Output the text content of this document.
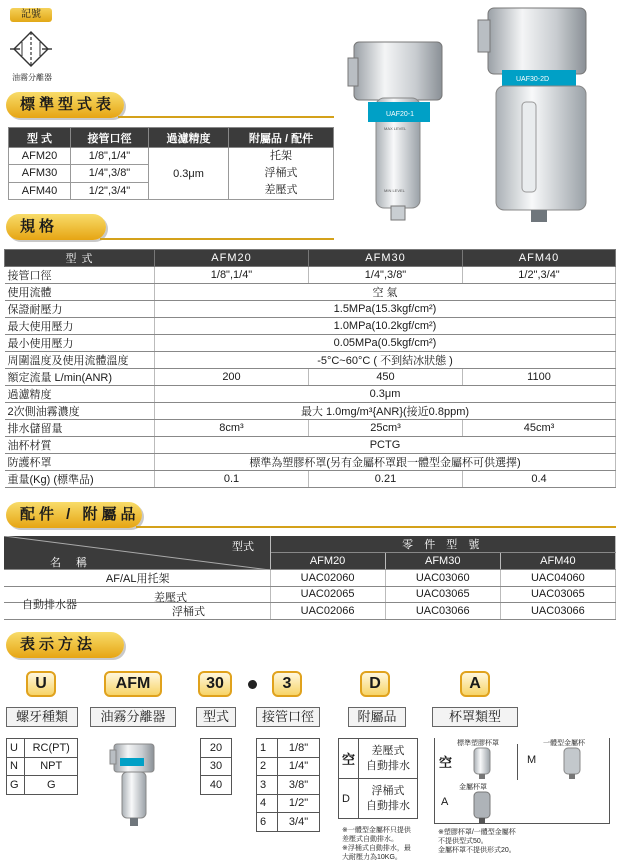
記號
油霧分離器
UAF20-1
MAX LEVEL
MIN LEVEL
UAF30-2D
標準型式表
型 式	接管口徑	過濾精度	附屬品 / 配件
AFM20	1/8",1/4"	0.3μm	托架
浮桶式
差壓式

AFM30	1/4",3/8"		
AFM40	1/2",3/4"		
規格
型 式	AFM20	AFM30	AFM40
接管口徑	1/8",1/4"	1/4",3/8"	1/2",3/4"
使用流體	空 氣		
保證耐壓力	1.5MPa(15.3kgf/cm²)		
最大使用壓力	1.0MPa(10.2kgf/cm²)		
最小使用壓力	0.05MPa(0.5kgf/cm²)		
周圍溫度及使用流體溫度	-5°C~60°C ( 不到結冰狀態 )		
額定流量 L/min(ANR)	200	450	1100
過濾精度	0.3μm		
2次側油霧濃度	最大 1.0mg/m³{ANR}(接近0.8ppm)		
排水儲留量	8cm³	25cm³	45cm³
油杯材質	PCTG		
防護杯罩	標準為塑膠杯罩(另有金屬杯罩跟一體型金屬杯可供選擇)		
重量(Kg) (標準品)	0.1	0.21	0.4
配件 / 附屬品
名 稱
型式	零 件 型 號		
	AFM20	AFM30	AFM40
AF/AL用托架	UAC02060	UAC03060	UAC04060

自動排水器
差壓式	UAC02065	UAC03065	UAC03065
浮桶式	UAC02066	UAC03066	UAC03066
表示方法
U	AFM	30	3	D	A
螺牙種類	油霧分離器	型式	接管口徑	附屬品	杯罩類型
U	RC(PT)
N	NPT
G	G
20
30
40
1	1/8"
2	1/4"
3	3/8"
4	1/2"
6	3/4"
空	差壓式
自動排水

D	浮桶式
自動排水
※一體型金屬杯只提供
差壓式自動排水。
※浮桶式自動排水，最
大耐壓力為10KG。
空
標準塑膠杯罩
M
一體型金屬杯
A
金屬杯罩
※塑膠杯罩/一體型金屬杯
不提供型式50。
金屬杯罩不提供形式20。
